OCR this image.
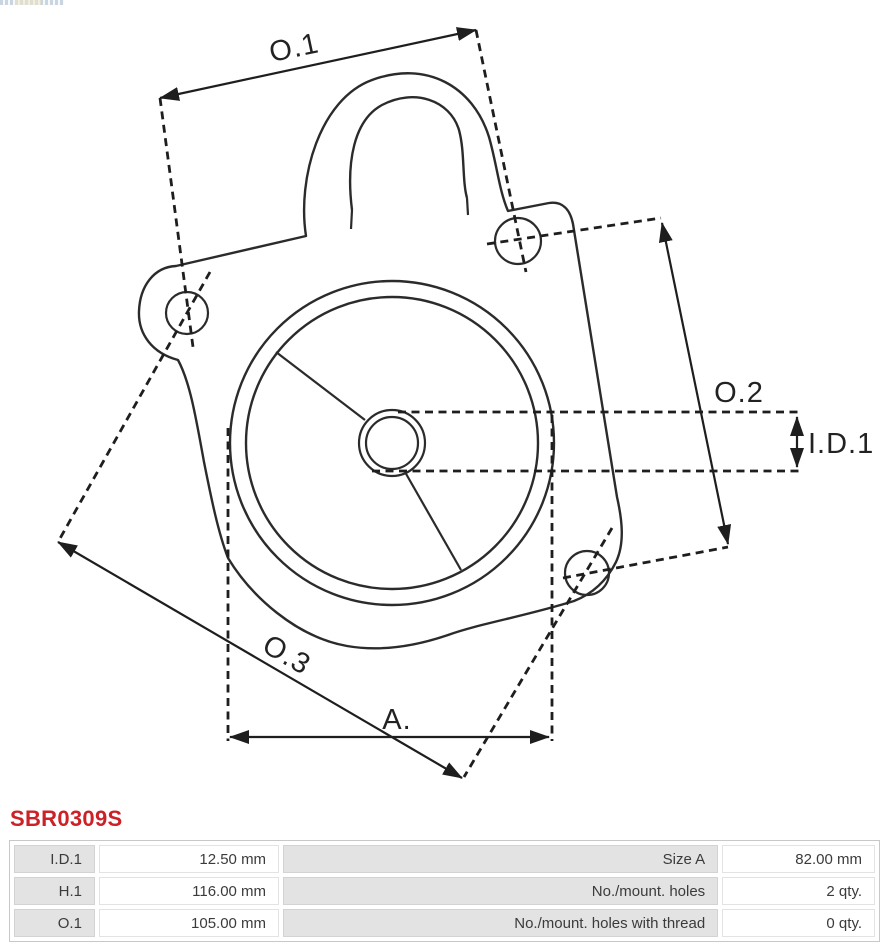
O.1
O.2
O.3
A.
I.D.1
SBR0309S
I.D.1	12.50 mm	Size A	82.00 mm
H.1	116.00 mm	No./mount. holes	2 qty.
O.1	105.00 mm	No./mount. holes with thread	0 qty.
